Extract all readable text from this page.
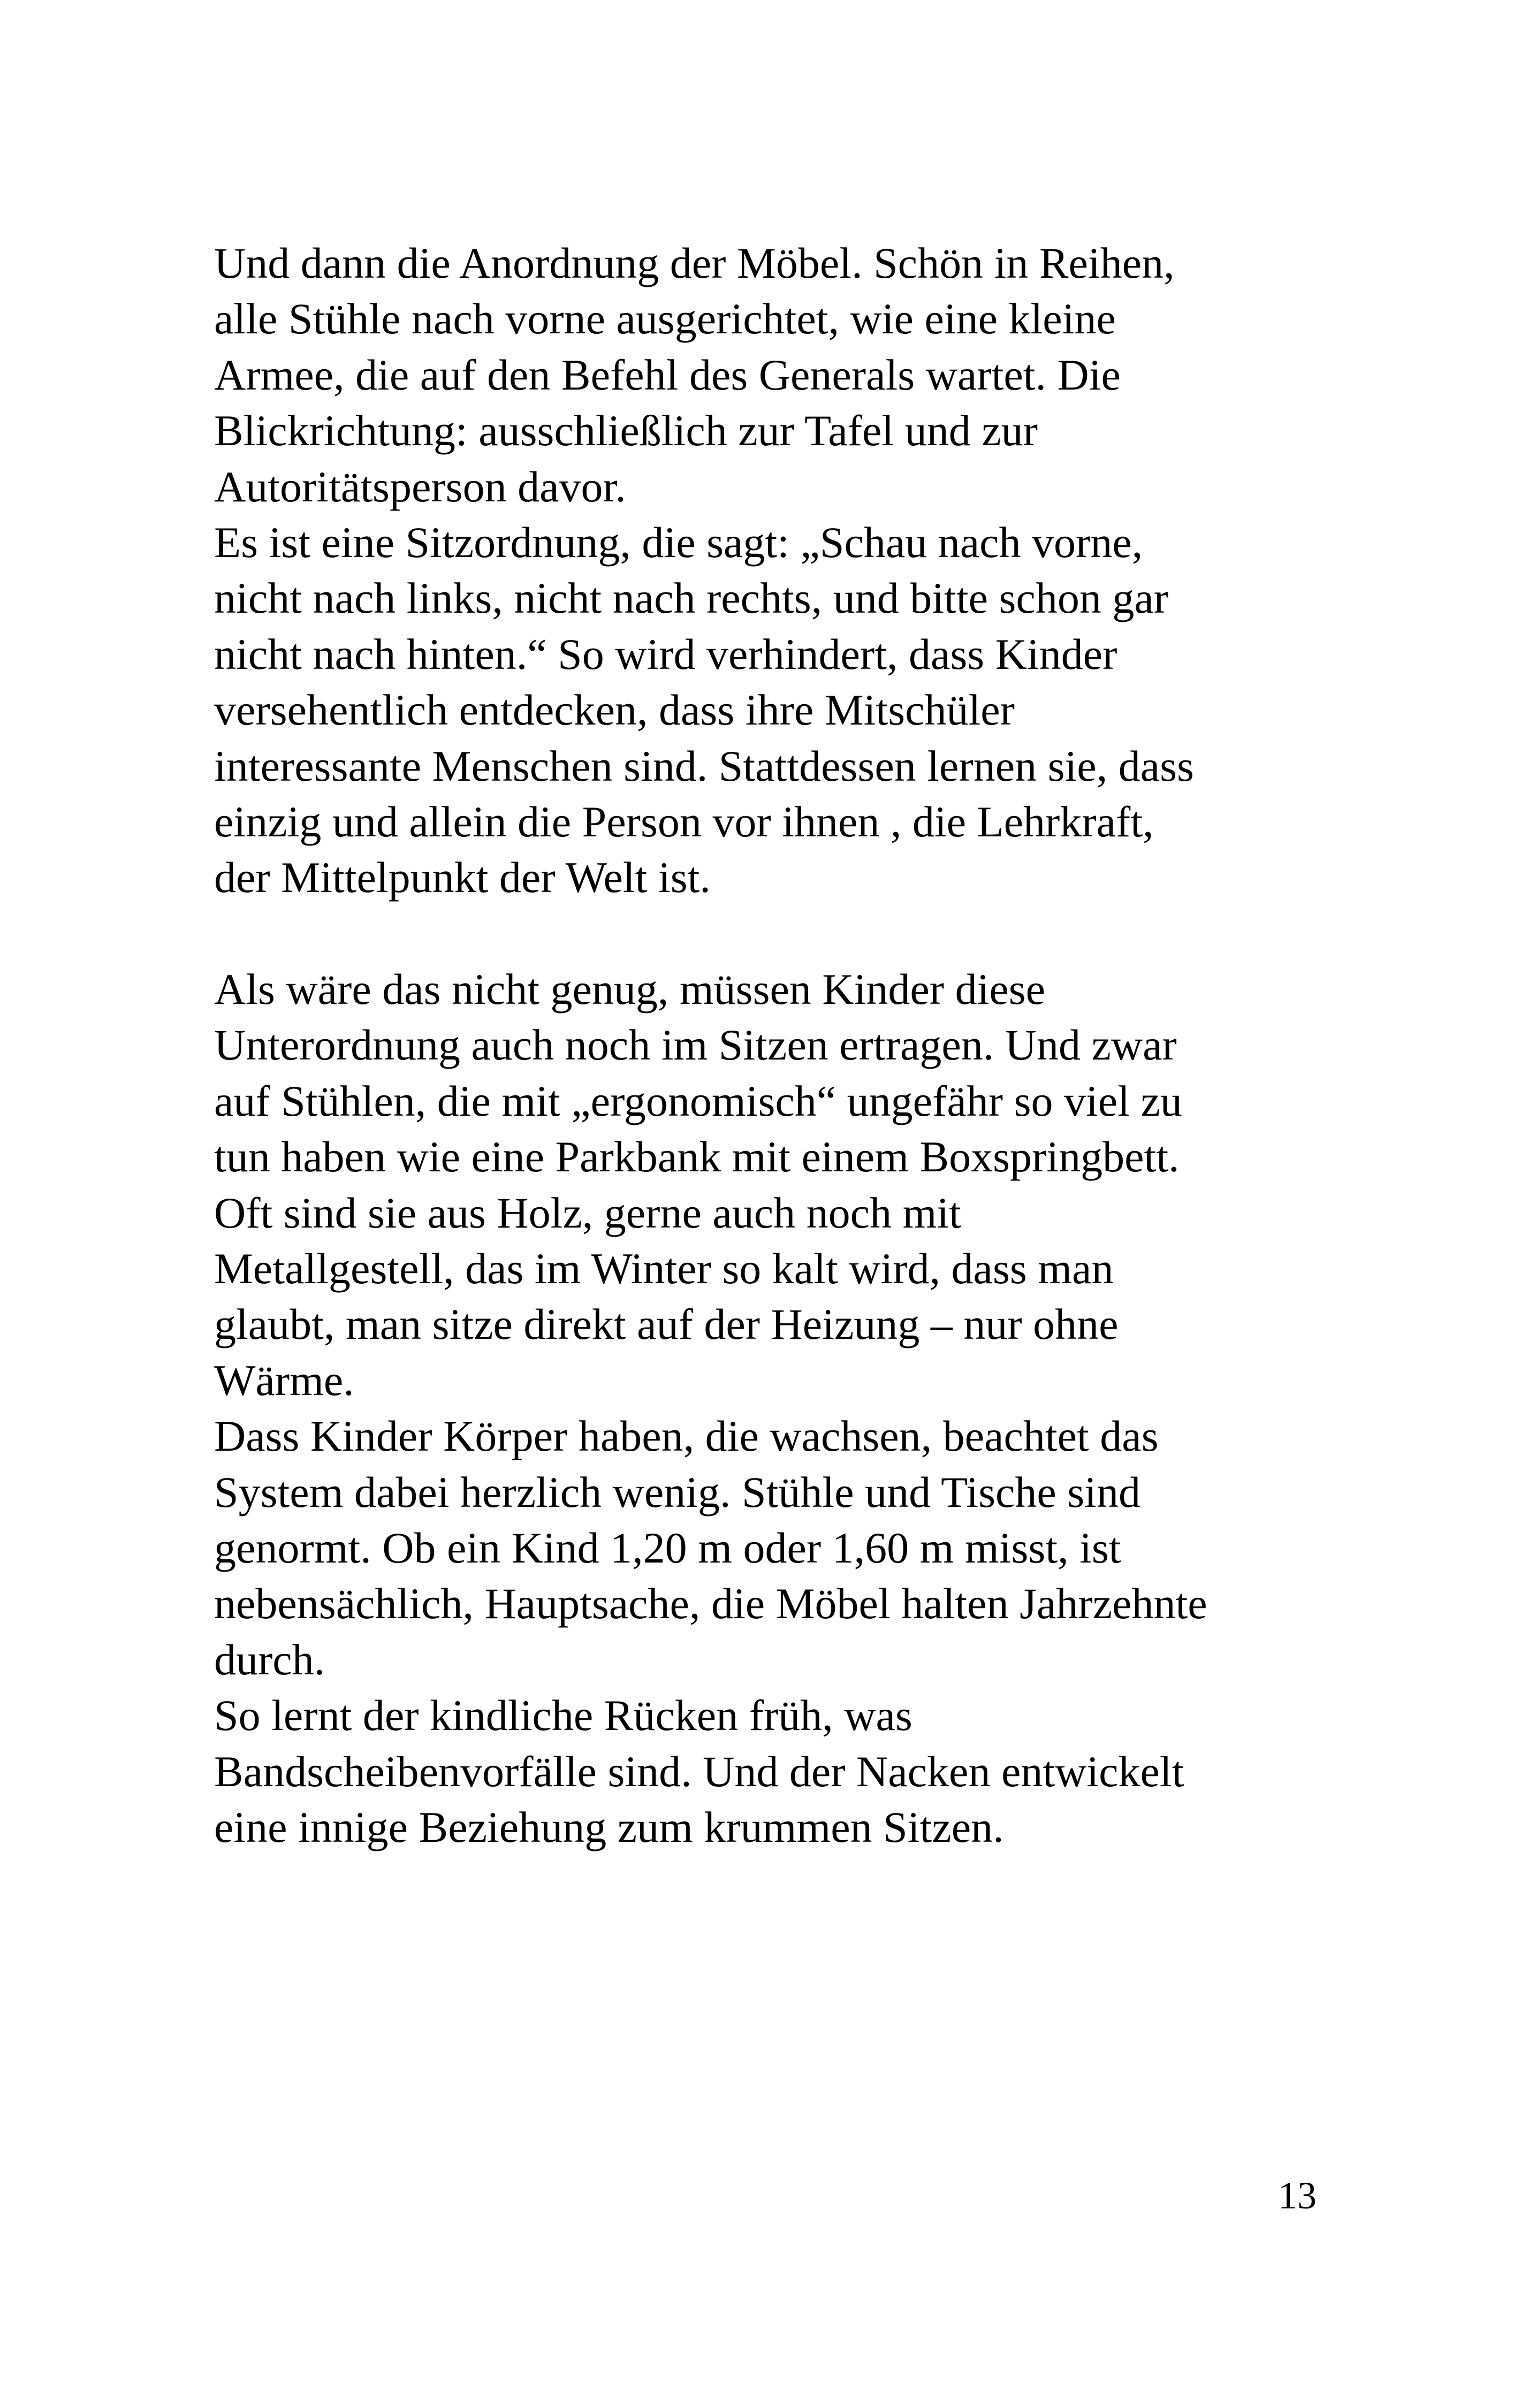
Und dann die Anordnung der Möbel. Schön in Reihen,
alle Stühle nach vorne ausgerichtet, wie eine kleine
Armee, die auf den Befehl des Generals wartet. Die
Blickrichtung: ausschließlich zur Tafel und zur
Autoritätsperson davor.
Es ist eine Sitzordnung, die sagt: „Schau nach vorne,
nicht nach links, nicht nach rechts, und bitte schon gar
nicht nach hinten.“ So wird verhindert, dass Kinder
versehentlich entdecken, dass ihre Mitschüler
interessante Menschen sind. Stattdessen lernen sie, dass
einzig und allein die Person vor ihnen , die Lehrkraft,
der Mittelpunkt der Welt ist.
Als wäre das nicht genug, müssen Kinder diese
Unterordnung auch noch im Sitzen ertragen. Und zwar
auf Stühlen, die mit „ergonomisch“ ungefähr so viel zu
tun haben wie eine Parkbank mit einem Boxspringbett.
Oft sind sie aus Holz, gerne auch noch mit
Metallgestell, das im Winter so kalt wird, dass man
glaubt, man sitze direkt auf der Heizung – nur ohne
Wärme.
Dass Kinder Körper haben, die wachsen, beachtet das
System dabei herzlich wenig. Stühle und Tische sind
genormt. Ob ein Kind 1,20 m oder 1,60 m misst, ist
nebensächlich, Hauptsache, die Möbel halten Jahrzehnte
durch.
So lernt der kindliche Rücken früh, was
Bandscheibenvorfälle sind. Und der Nacken entwickelt
eine innige Beziehung zum krummen Sitzen.
13
